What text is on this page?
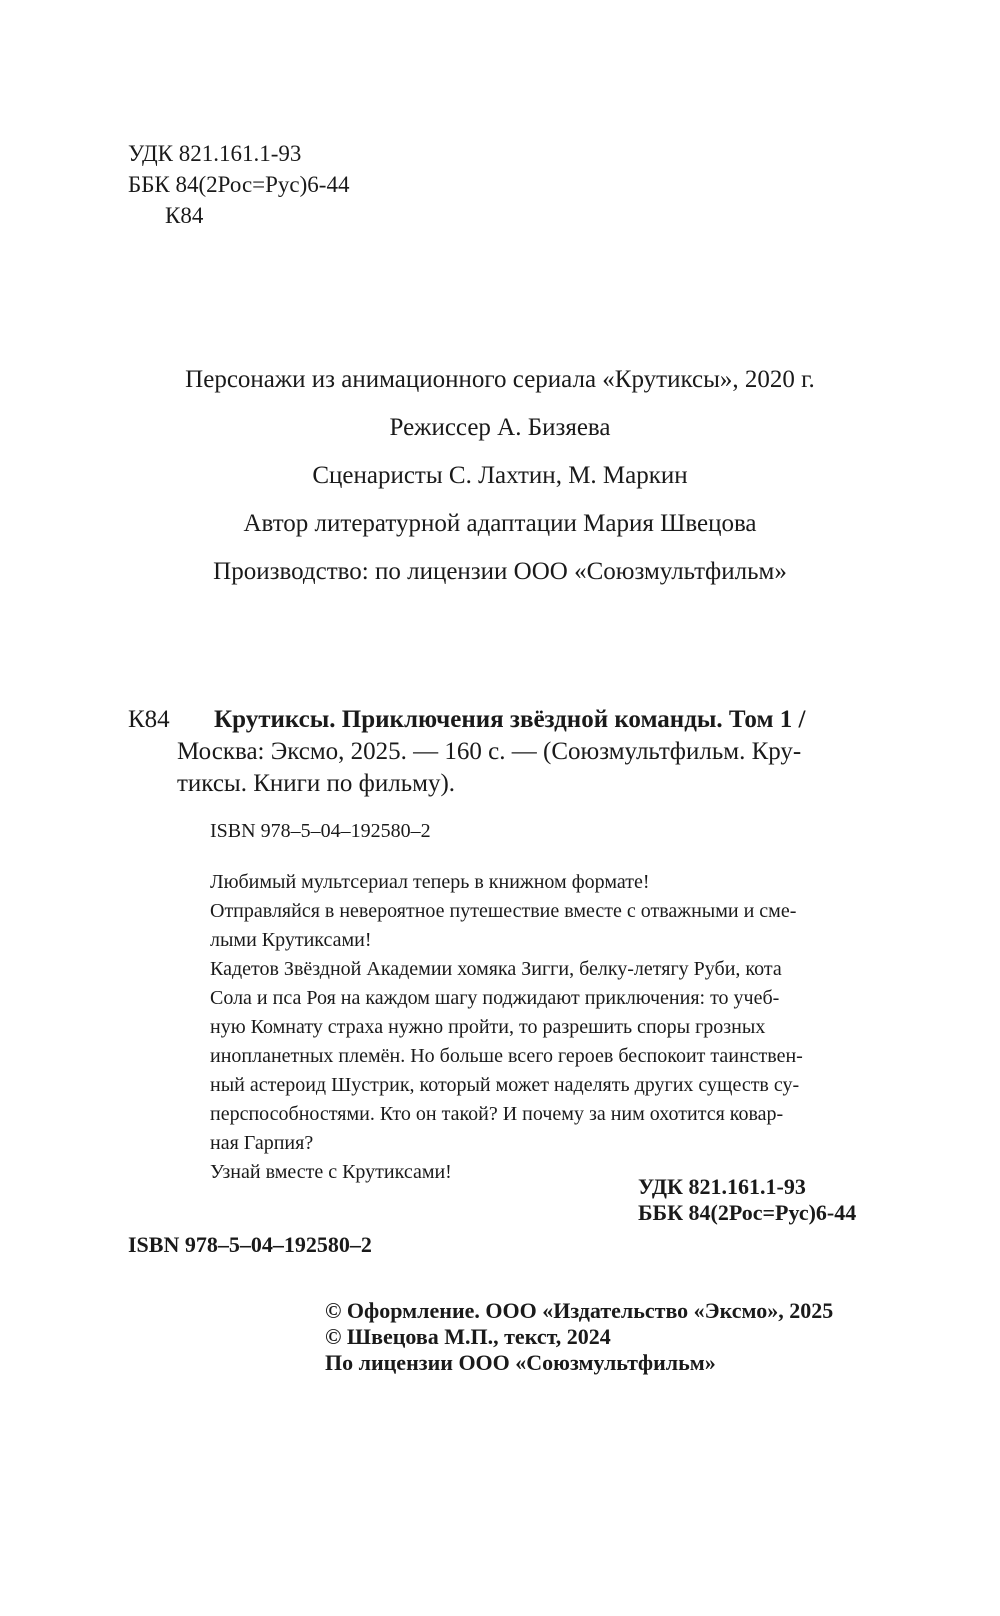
УДК 821.161.1-93
ББК 84(2Рос=Рус)6-44
К84
Персонажи из анимационного сериала «Крутиксы», 2020 г.
Режиссер А. Бизяева
Сценаристы С. Лахтин, М. Маркин
Автор литературной адаптации Мария Швецова
Производство: по лицензии ООО «Союзмультфильм»
К84 Крутиксы. Приключения звёздной команды. Том 1 /
Москва: Эксмо, 2025. — 160 с. — (Союзмультфильм. Кру-
тиксы. Книги по фильму).
ISBN 978–5–04–192580–2
Любимый мультсериал теперь в книжном формате!
Отправляйся в невероятное путешествие вместе с отважными и сме-
лыми Крутиксами!
Кадетов Звёздной Академии хомяка Зигги, белку-летягу Руби, кота
Сола и пса Роя на каждом шагу поджидают приключения: то учеб-
ную Комнату страха нужно пройти, то разрешить споры грозных
инопланетных племён. Но больше всего героев беспокоит таинствен-
ный астероид Шустрик, который может наделять других существ су-
перспособностями. Кто он такой? И почему за ним охотится ковар-
ная Гарпия?
Узнай вместе с Крутиксами!
УДК 821.161.1-93
ББК 84(2Рос=Рус)6-44
ISBN 978–5–04–192580–2
© Оформление. ООО «Издательство «Эксмо», 2025
© Швецова М.П., текст, 2024
По лицензии ООО «Союзмультфильм»
